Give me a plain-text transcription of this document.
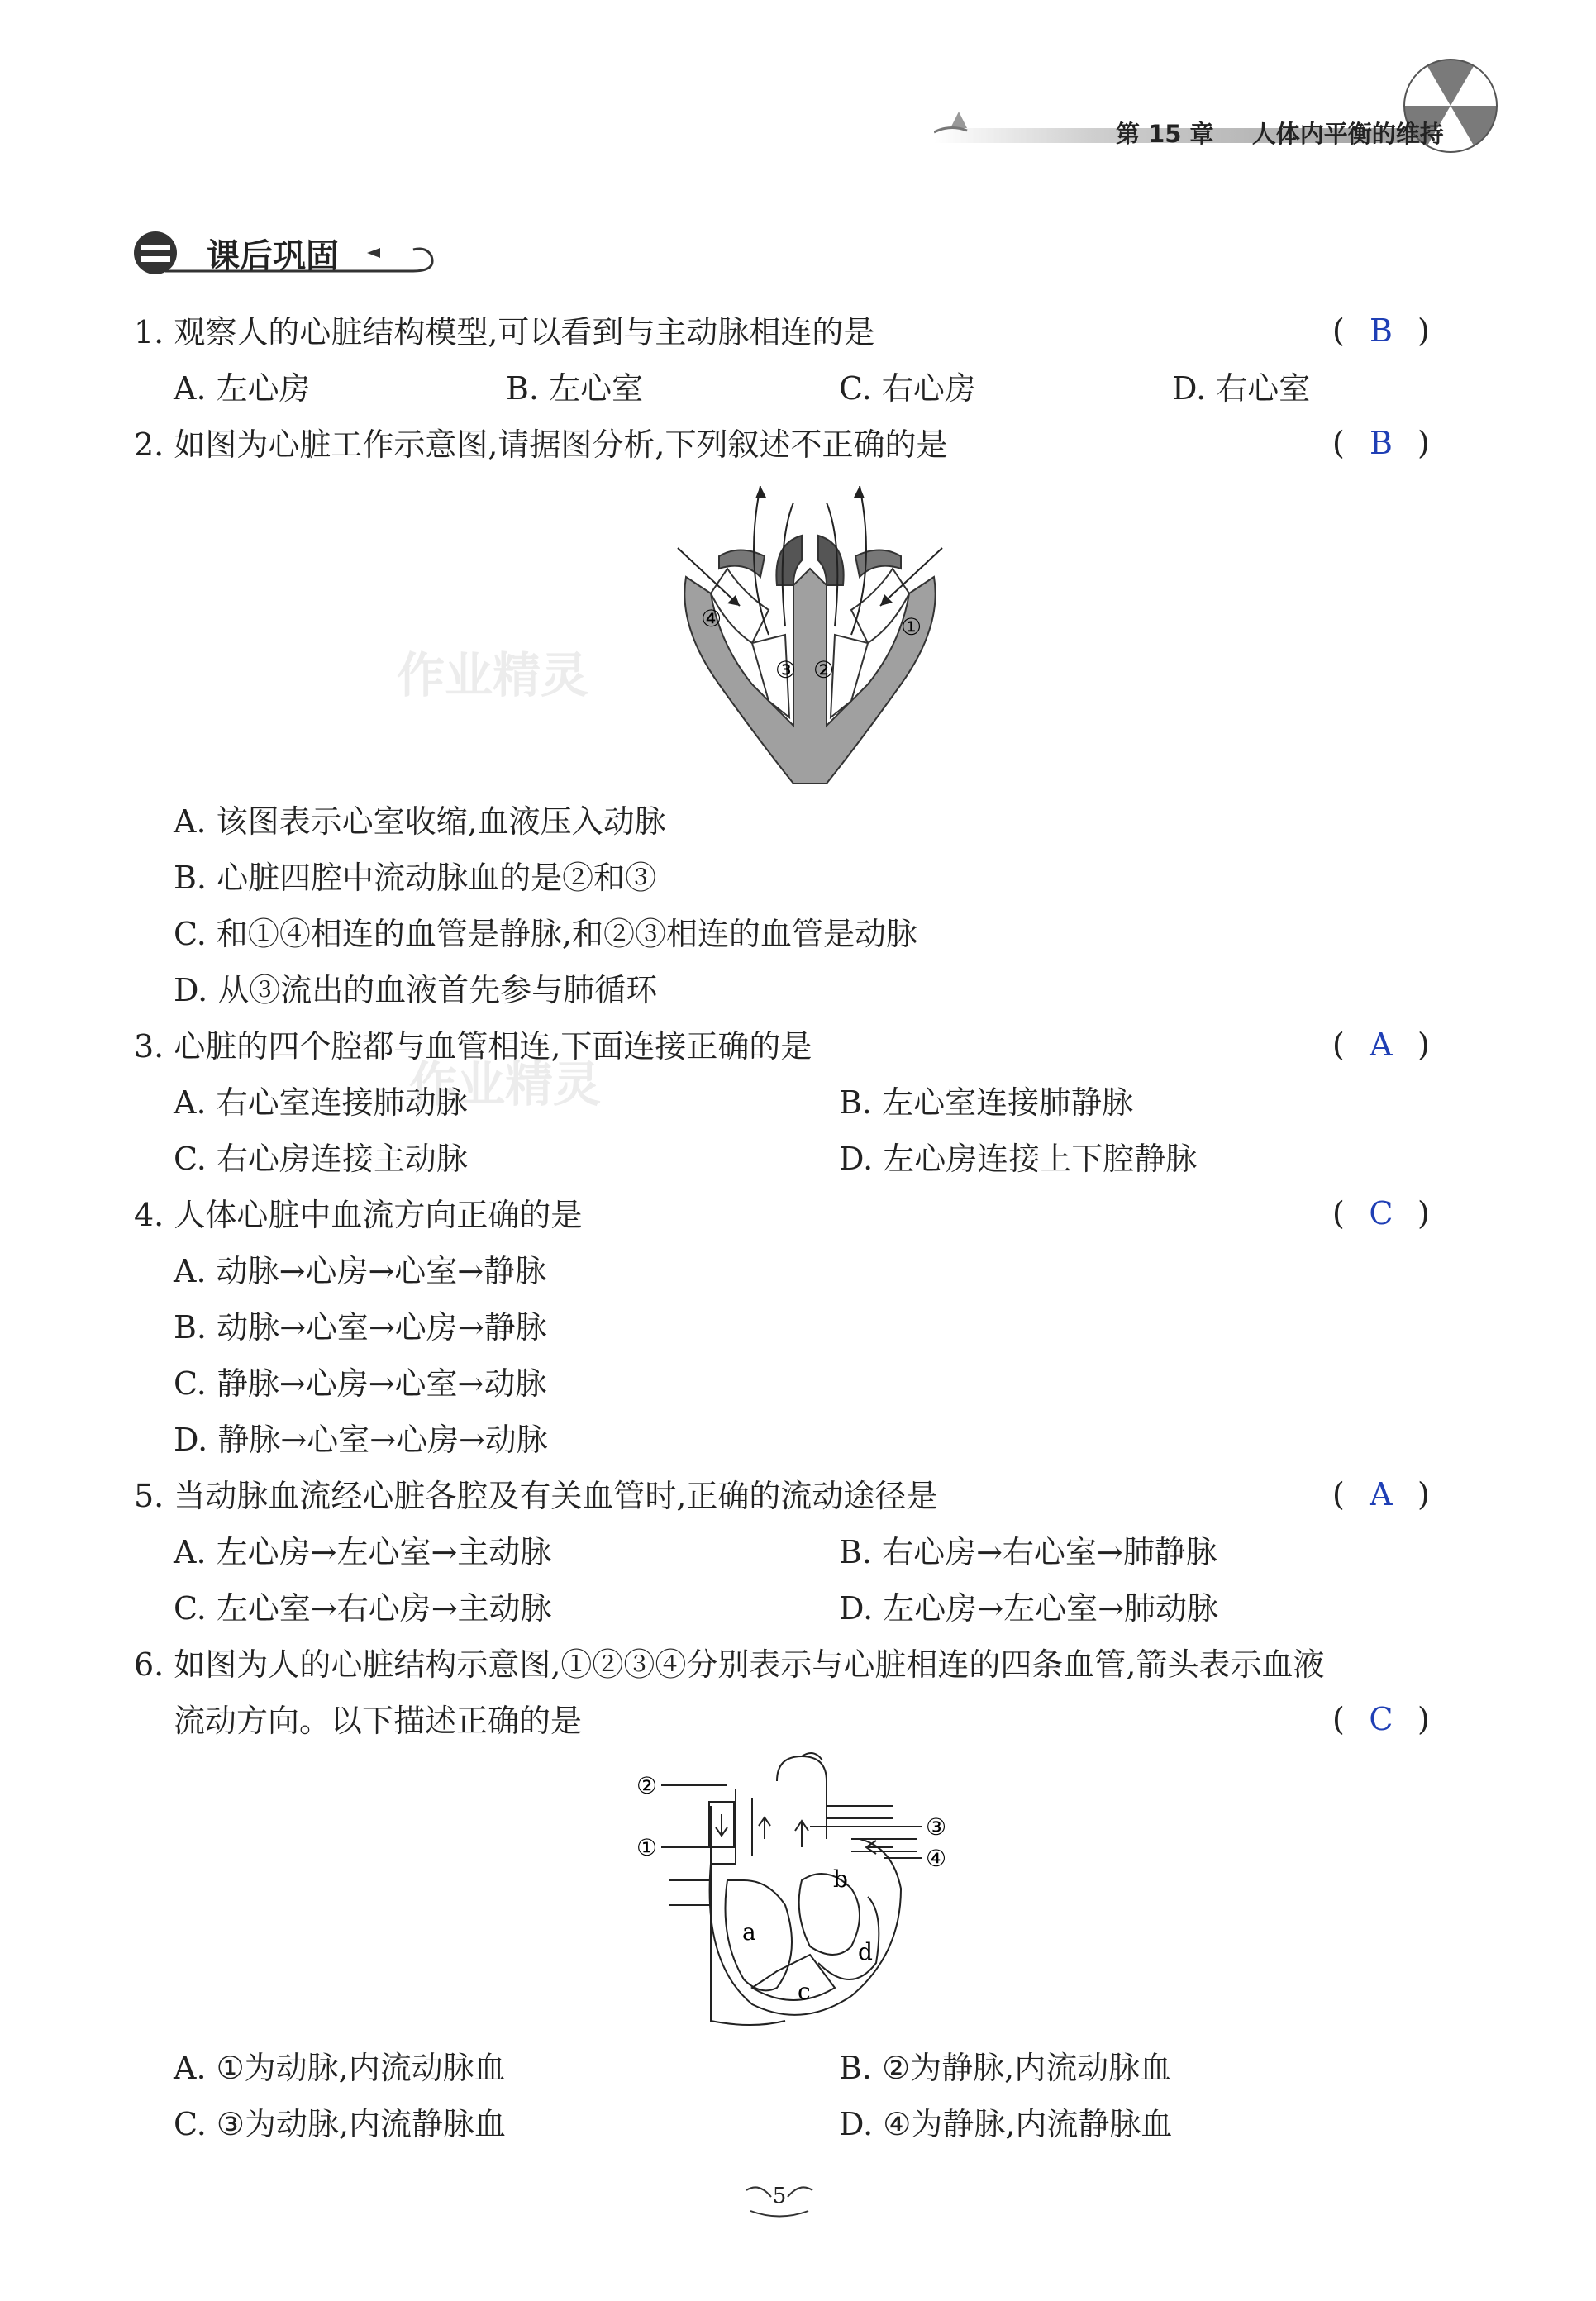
第 15 章 人体内平衡的维持
课后巩固
作业精灵
作业精灵
1. 观察人的心脏结构模型,可以看到与主动脉相连的是	( B )
A. 左心房	B. 左心室	C. 右心房	D. 右心室
2. 如图为心脏工作示意图,请据图分析,下列叙述不正确的是	( B )
④
③ ②
①
A. 该图表示心室收缩,血液压入动脉
B. 心脏四腔中流动脉血的是②和③
C. 和①④相连的血管是静脉,和②③相连的血管是动脉
D. 从③流出的血液首先参与肺循环
3. 心脏的四个腔都与血管相连,下面连接正确的是	( A )
A. 右心室连接肺动脉	B. 左心室连接肺静脉
C. 右心房连接主动脉	D. 左心房连接上下腔静脉
4. 人体心脏中血流方向正确的是	( C )
A. 动脉→心房→心室→静脉
B. 动脉→心室→心房→静脉
C. 静脉→心房→心室→动脉
D. 静脉→心室→心房→动脉
5. 当动脉血流经心脏各腔及有关血管时,正确的流动途径是	( A )
A. 左心房→左心室→主动脉	B. 右心房→右心室→肺静脉
C. 左心室→右心房→主动脉	D. 左心房→左心室→肺动脉
6. 如图为人的心脏结构示意图,①②③④分别表示与心脏相连的四条血管,箭头表示血液
流动方向。以下描述正确的是	( C )
②
①
③
④
a
b
c
d
A. ①为动脉,内流动脉血	B. ②为静脉,内流动脉血
C. ③为动脉,内流静脉血	D. ④为静脉,内流静脉血
5
